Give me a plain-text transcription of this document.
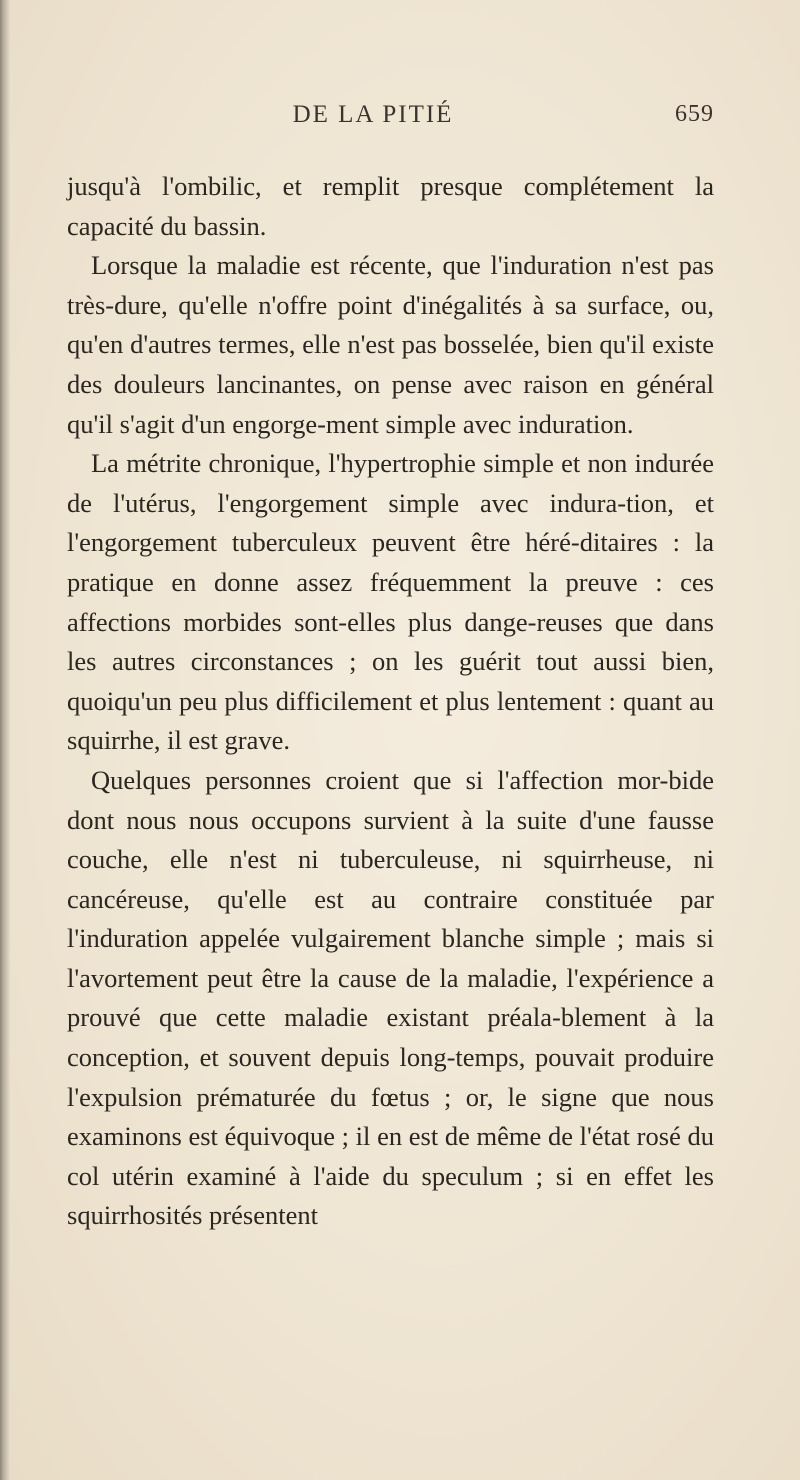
DE LA PITIÉ	659

jusqu'à l'ombilic, et remplit presque complétement la capacité du bassin.

Lorsque la maladie est récente, que l'induration n'est pas très-dure, qu'elle n'offre point d'inégalités à sa surface, ou, qu'en d'autres termes, elle n'est pas bosselée, bien qu'il existe des douleurs lancinantes, on pense avec raison en général qu'il s'agit d'un engorge-ment simple avec induration.

La métrite chronique, l'hypertrophie simple et non indurée de l'utérus, l'engorgement simple avec indura-tion, et l'engorgement tuberculeux peuvent être héré-ditaires : la pratique en donne assez fréquemment la preuve : ces affections morbides sont-elles plus dange-reuses que dans les autres circonstances ; on les guérit tout aussi bien, quoiqu'un peu plus difficilement et plus lentement : quant au squirrhe, il est grave.

Quelques personnes croient que si l'affection mor-bide dont nous nous occupons survient à la suite d'une fausse couche, elle n'est ni tuberculeuse, ni squirrheuse, ni cancéreuse, qu'elle est au contraire constituée par l'induration appelée vulgairement blanche simple ; mais si l'avortement peut être la cause de la maladie, l'expérience a prouvé que cette maladie existant préala-blement à la conception, et souvent depuis long-temps, pouvait produire l'expulsion prématurée du fœtus ; or, le signe que nous examinons est équivoque ; il en est de même de l'état rosé du col utérin examiné à l'aide du speculum ; si en effet les squirrhosités présentent
